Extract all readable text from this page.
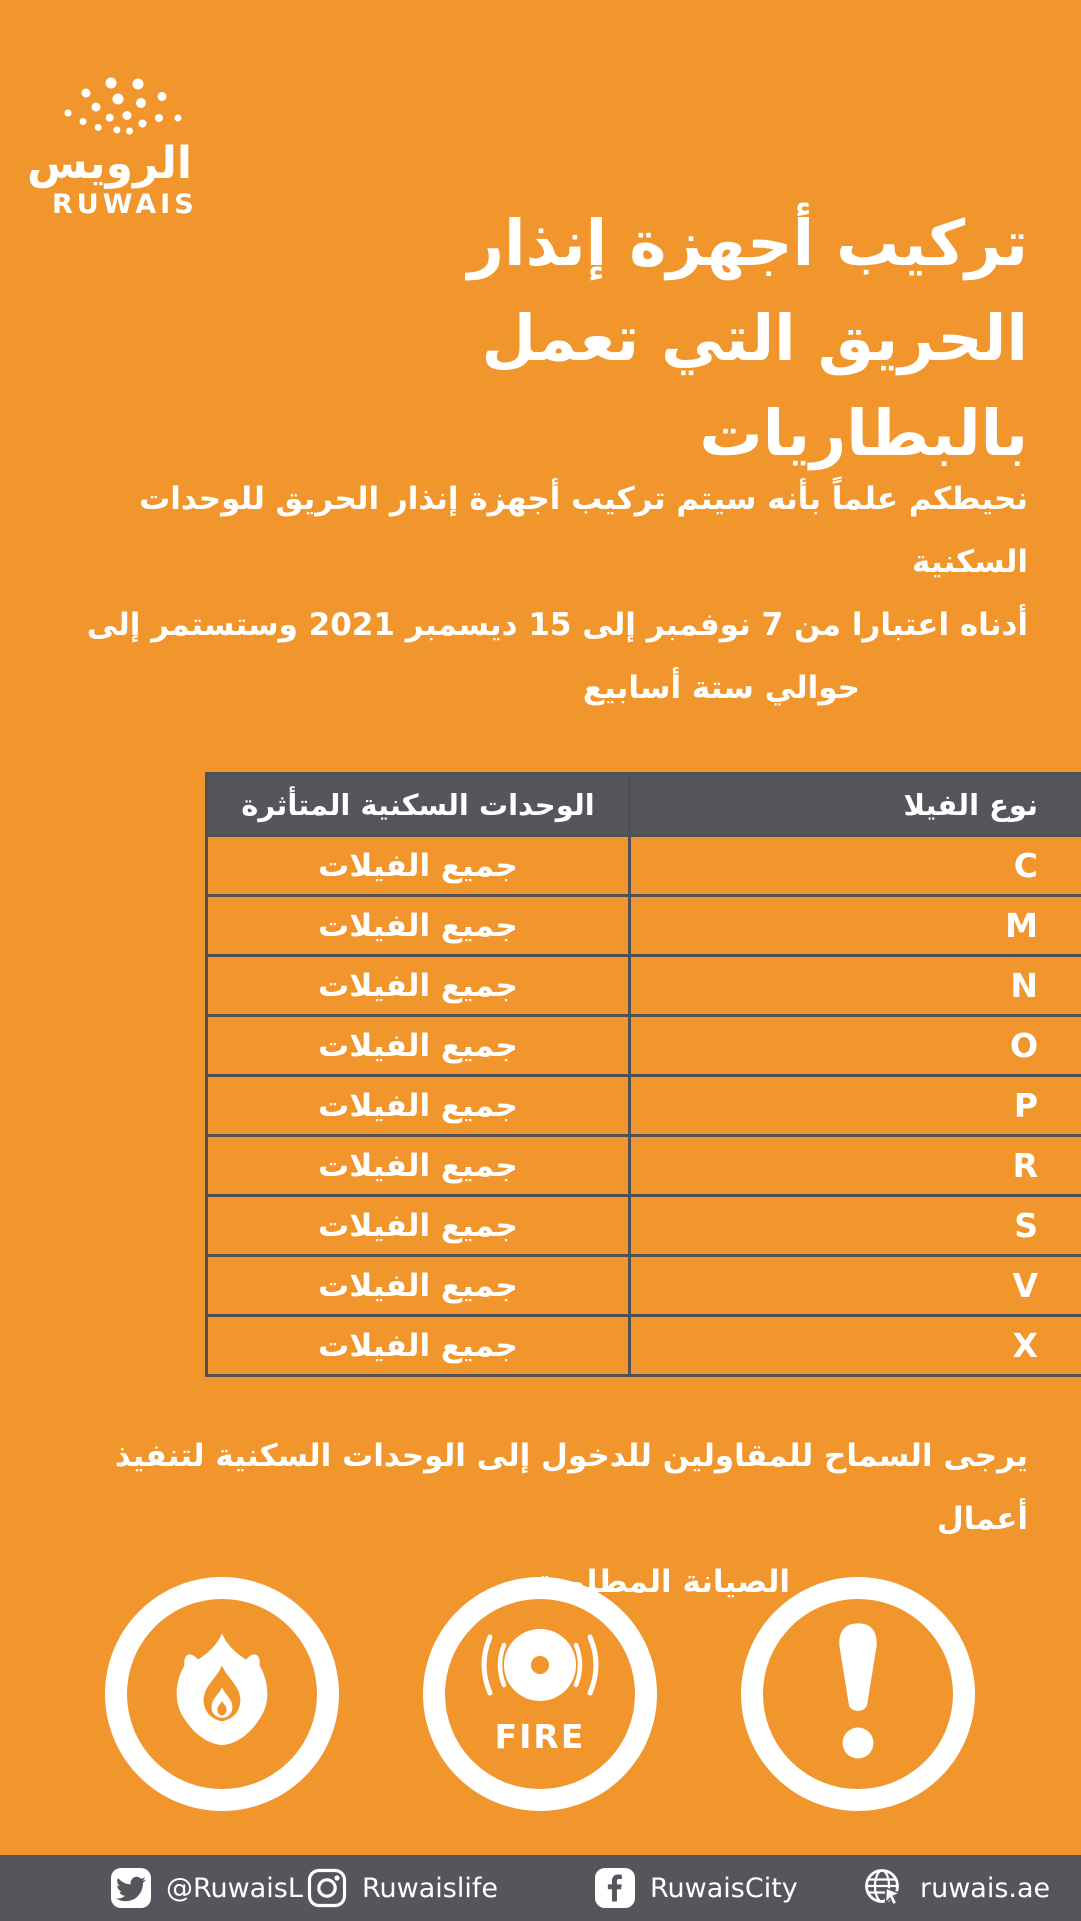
الرويس
RUWAIS
تركيب أجهزة إنذار
الحريق التي تعمل
بالبطاريات
نحيطكم علماً بأنه سيتم تركيب أجهزة إنذار الحريق للوحدات السكنية
أدناه اعتبارا من 7 نوفمبر إلى 15 ديسمبر 2021 وستستمر إلى
حوالي ستة أسابيع
نوع الفيلا	الوحدات السكنية المتأثرة
C	جميع الفيلات
M	جميع الفيلات
N	جميع الفيلات
O	جميع الفيلات
P	جميع الفيلات
R	جميع الفيلات
S	جميع الفيلات
V	جميع الفيلات
X	جميع الفيلات
يرجى السماح للمقاولين للدخول إلى الوحدات السكنية لتنفيذ أعمال
الصيانة المطلوبة
FIRE
@RuwaisL Ruwaislife	RuwaisCity	ruwais.ae
